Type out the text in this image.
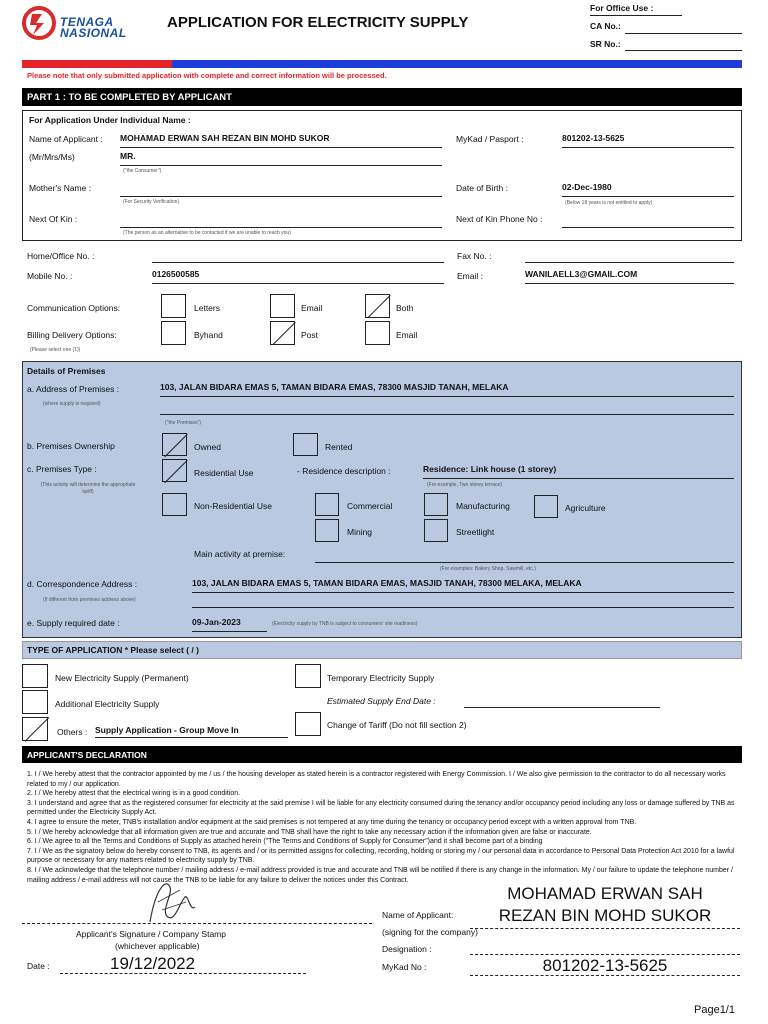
TENAGA
NASIONAL
APPLICATION FOR ELECTRICITY SUPPLY
For Office Use :
CA No.:
SR No.:
Please note that only submitted application with complete and correct information will be processed.
PART 1 : TO BE COMPLETED BY APPLICANT
For Application Under Individual Name :
Name of Applicant : MOHAMAD ERWAN SAH REZAN BIN MOHD SUKOR	MyKad / Pasport :	801202-13-5625
(Mr/Mrs/Ms)	MR.
("the Consumer")
Mother's Name :
(For Security Verification)
Date of Birth :	02-Dec-1980
(Below 18 years is not entitled to apply)
Next Of Kin :
(The person as an alternative to be contacted if we are unable to reach you)
Next of Kin Phone No :
Home/Office No. :	Fax No. :
Mobile No. :	0126500585	Email :	WANILAELL3@GMAIL.COM
Communication Options:	Letters	Email	Both
Billing Delivery Options:	Byhand	Post	Email
(Please select one (1))
Details of Premises
a. Address of Premises :	103, JALAN BIDARA EMAS 5, TAMAN BIDARA EMAS, 78300 MASJID TANAH, MELAKA
(where supply is required)
("the Premises")
b. Premises Ownership	Owned	Rented
c. Premises Type :
(This activity will determine the appropriate tariff)
Residential Use	- Residence description :	Residence: Link house (1 storey)
(For example, Two storey terrace)
Non-Residential Use	Commercial	Manufacturing	Agriculture
Mining	Streetlight
Main activity at premise:
(For examples: Bakery Shop, Sawmill, etc.)
d. Correspondence Address :	103, JALAN BIDARA EMAS 5, TAMAN BIDARA EMAS, MASJID TANAH, 78300 MELAKA, MELAKA
(If different from premises address above)
e. Supply required date :	09-Jan-2023	(Electricity supply by TNB is subject to consumers' site readiness)
TYPE OF APPLICATION * Please select ( / )
New Electricity Supply (Permanent)	Temporary Electricity Supply
Additional Electricity Supply	Estimated Supply End Date :
Others : Supply Application - Group Move In	Change of Tariff (Do not fill section 2)
APPLICANT'S DECLARATION

1. I / We hereby attest that the contractor appointed by me / us / the housing developer as stated herein is a contractor registered with Energy Commission. I / We also give permission to the contractor to do all necessary works related to my / our application.

2. I / We hereby attest that the electrical wiring is in a good condition.

3. I understand and agree that as the registered consumer for electricity at the said premise I will be liable for any electricity consumed during the tenancy and/or occupancy period including any loss or damage suffered by TNB as permitted under the Electricity Supply Act.

4. I agree to ensure the meter, TNB's installation and/or equipment at the said premises is not tempered at any time during the tenancy or occupancy period except with a written approval from TNB.

5. I / We hereby acknowledge that all information given are true and accurate and TNB shall have the right to take any necessary action if the information given are false or inaccurate.

6. I / We agree to all the Terms and Conditions of Supply as attached herein ("The Terms and Conditions of Supply for Consumer")and it shall become part of a binding

7. I / We as the signatory below do hereby consent to TNB, its agents and / or its permitted assigns for collecting, recording, holding or storing my / our personal data in accordance to Personal Data Protection Act 2010 for a lawful purpose or necessary for any matters related to electricity supply by TNB.

8. I / We acknowledge that the telephone number / mailing address / e-mail address provided is true and accurate and TNB will be notified if there is any change in the information. My / our failure to update the telephone number / mailing address / e-mail address will not cause the TNB to be liable for any failure to deliver the notices under this Contract.

Applicant's Signature / Company Stamp
(whichever applicable)
Date :	19/12/2022
Name of Applicant:
(signing for the company)
MOHAMAD ERWAN SAH
REZAN BIN MOHD SUKOR
Designation :
MyKad No :	801202-13-5625
Page1/1
